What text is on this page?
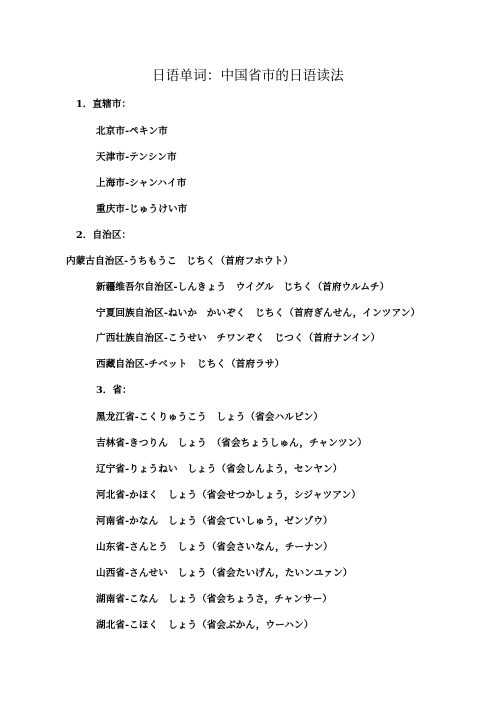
日语单词：中国省市的日语读法
1．直辖市：
北京市-ペキン市
天津市-テンシン市
上海市-シャンハイ市
重庆市-じゅうけい市
2．自治区：
内蒙古自治区-うちもうこ　じちく（首府フホウト）
新疆维吾尔自治区-しんきょう　ウイグル　じちく（首府ウルムチ）
宁夏回族自治区-ねいか　かいぞく　じちく（首府ぎんせん，インツアン）
广西壮族自治区-こうせい　チワンぞく　じつく（首府ナンイン）
西藏自治区-チベット　じちく（首府ラサ）
3．省：
黑龙江省-こくりゅうこう　しょう（省会ハルピン）
吉林省-きつりん　しょう　（省会ちょうしゅん，チャンツン）
辽宁省-りょうねい　しょう（省会しんよう，センヤン）
河北省-かほく　しょう（省会せつかしょう，シジャツアン）
河南省-かなん　しょう（省会ていしゅう，ゼンゾウ）
山东省-さんとう　しょう（省会さいなん，チーナン）
山西省-さんせい　しょう（省会たいげん，たいンユァン）
湖南省-こなん　しょう（省会ちょうさ，チャンサー）
湖北省-こほく　しょう（省会ぶかん，ウーハン）
